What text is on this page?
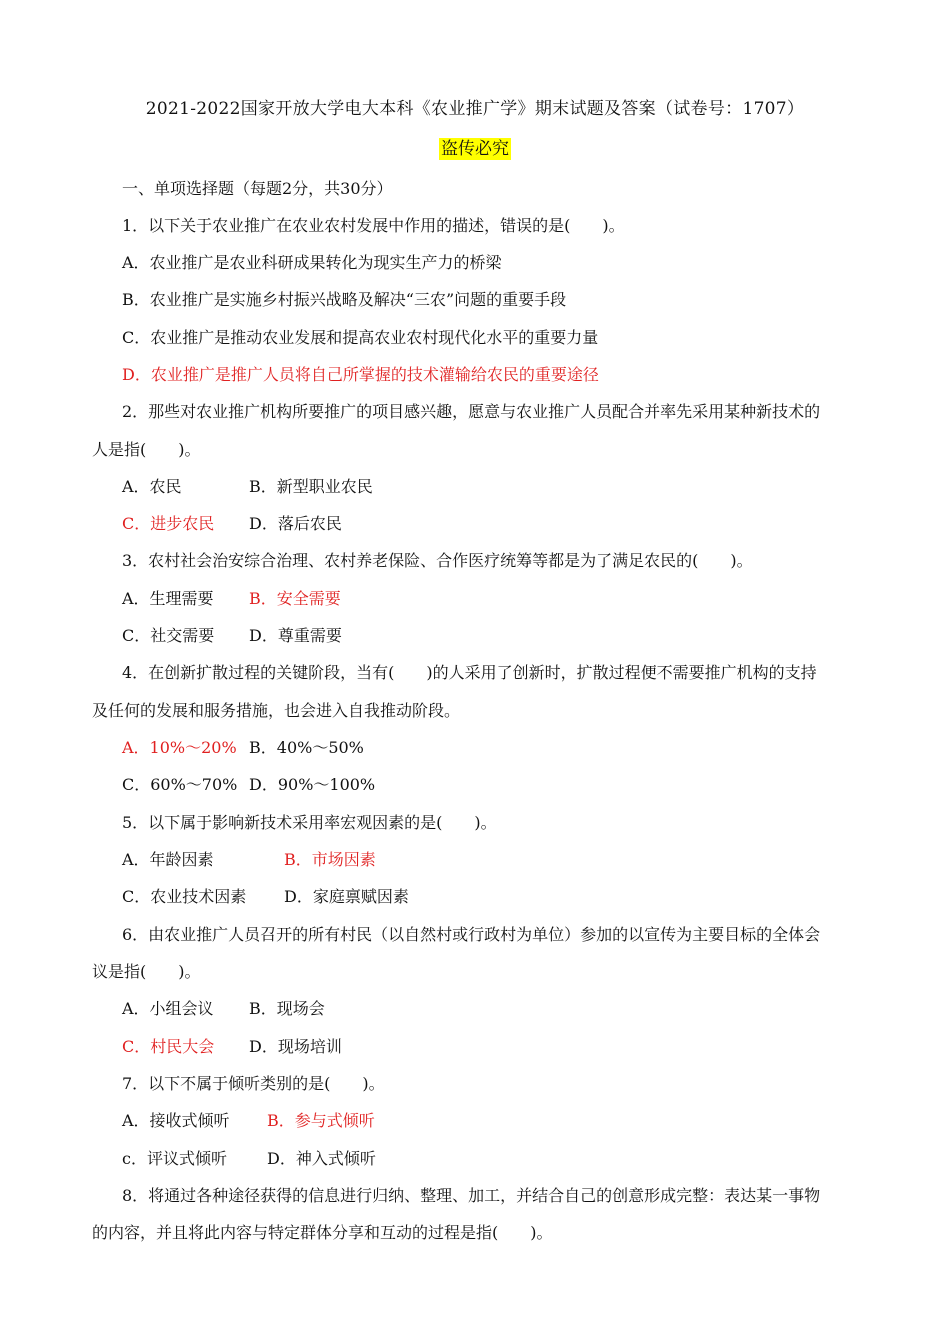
2021-2022国家开放大学电大本科《农业推广学》期末试题及答案（试卷号：1707）
盗传必究
一、单项选择题（每题2分，共30分）
1．以下关于农业推广在农业农村发展中作用的描述，错误的是(　　)。
A．农业推广是农业科研成果转化为现实生产力的桥梁
B．农业推广是实施乡村振兴战略及解决“三农”问题的重要手段
C．农业推广是推动农业发展和提高农业农村现代化水平的重要力量
D．农业推广是推广人员将自己所掌握的技术灌输给农民的重要途径
2．那些对农业推广机构所要推广的项目感兴趣，愿意与农业推广人员配合并率先采用某种新技术的
人是指(　　)。
A．农民	B．新型职业农民
C．进步农民 D．落后农民
3．农村社会治安综合治理、农村养老保险、合作医疗统筹等都是为了满足农民的(　　)。
A．生理需要 B．安全需要
C．社交需要 D．尊重需要
4．在创新扩散过程的关键阶段，当有(　　)的人采用了创新时，扩散过程便不需要推广机构的支持
及任何的发展和服务措施，也会进入自我推动阶段。
A．10%～20% B．40%～50%
C．60%～70% D．90%～100%
5．以下属于影响新技术采用率宏观因素的是(　　)。
A．年龄因素	B．市场因素
C．农业技术因素 D．家庭禀赋因素
6．由农业推广人员召开的所有村民（以自然村或行政村为单位）参加的以宣传为主要目标的全体会
议是指(　　)。
A．小组会议 B．现场会
C．村民大会 D．现场培训
7．以下不属于倾听类别的是(　　)。
A．接收式倾听 B．参与式倾听
c．评议式倾听	D．神入式倾听
8．将通过各种途径获得的信息进行归纳、整理、加工，并结合自己的创意形成完整：表达某一事物
的内容，并且将此内容与特定群体分享和互动的过程是指(　　)。
